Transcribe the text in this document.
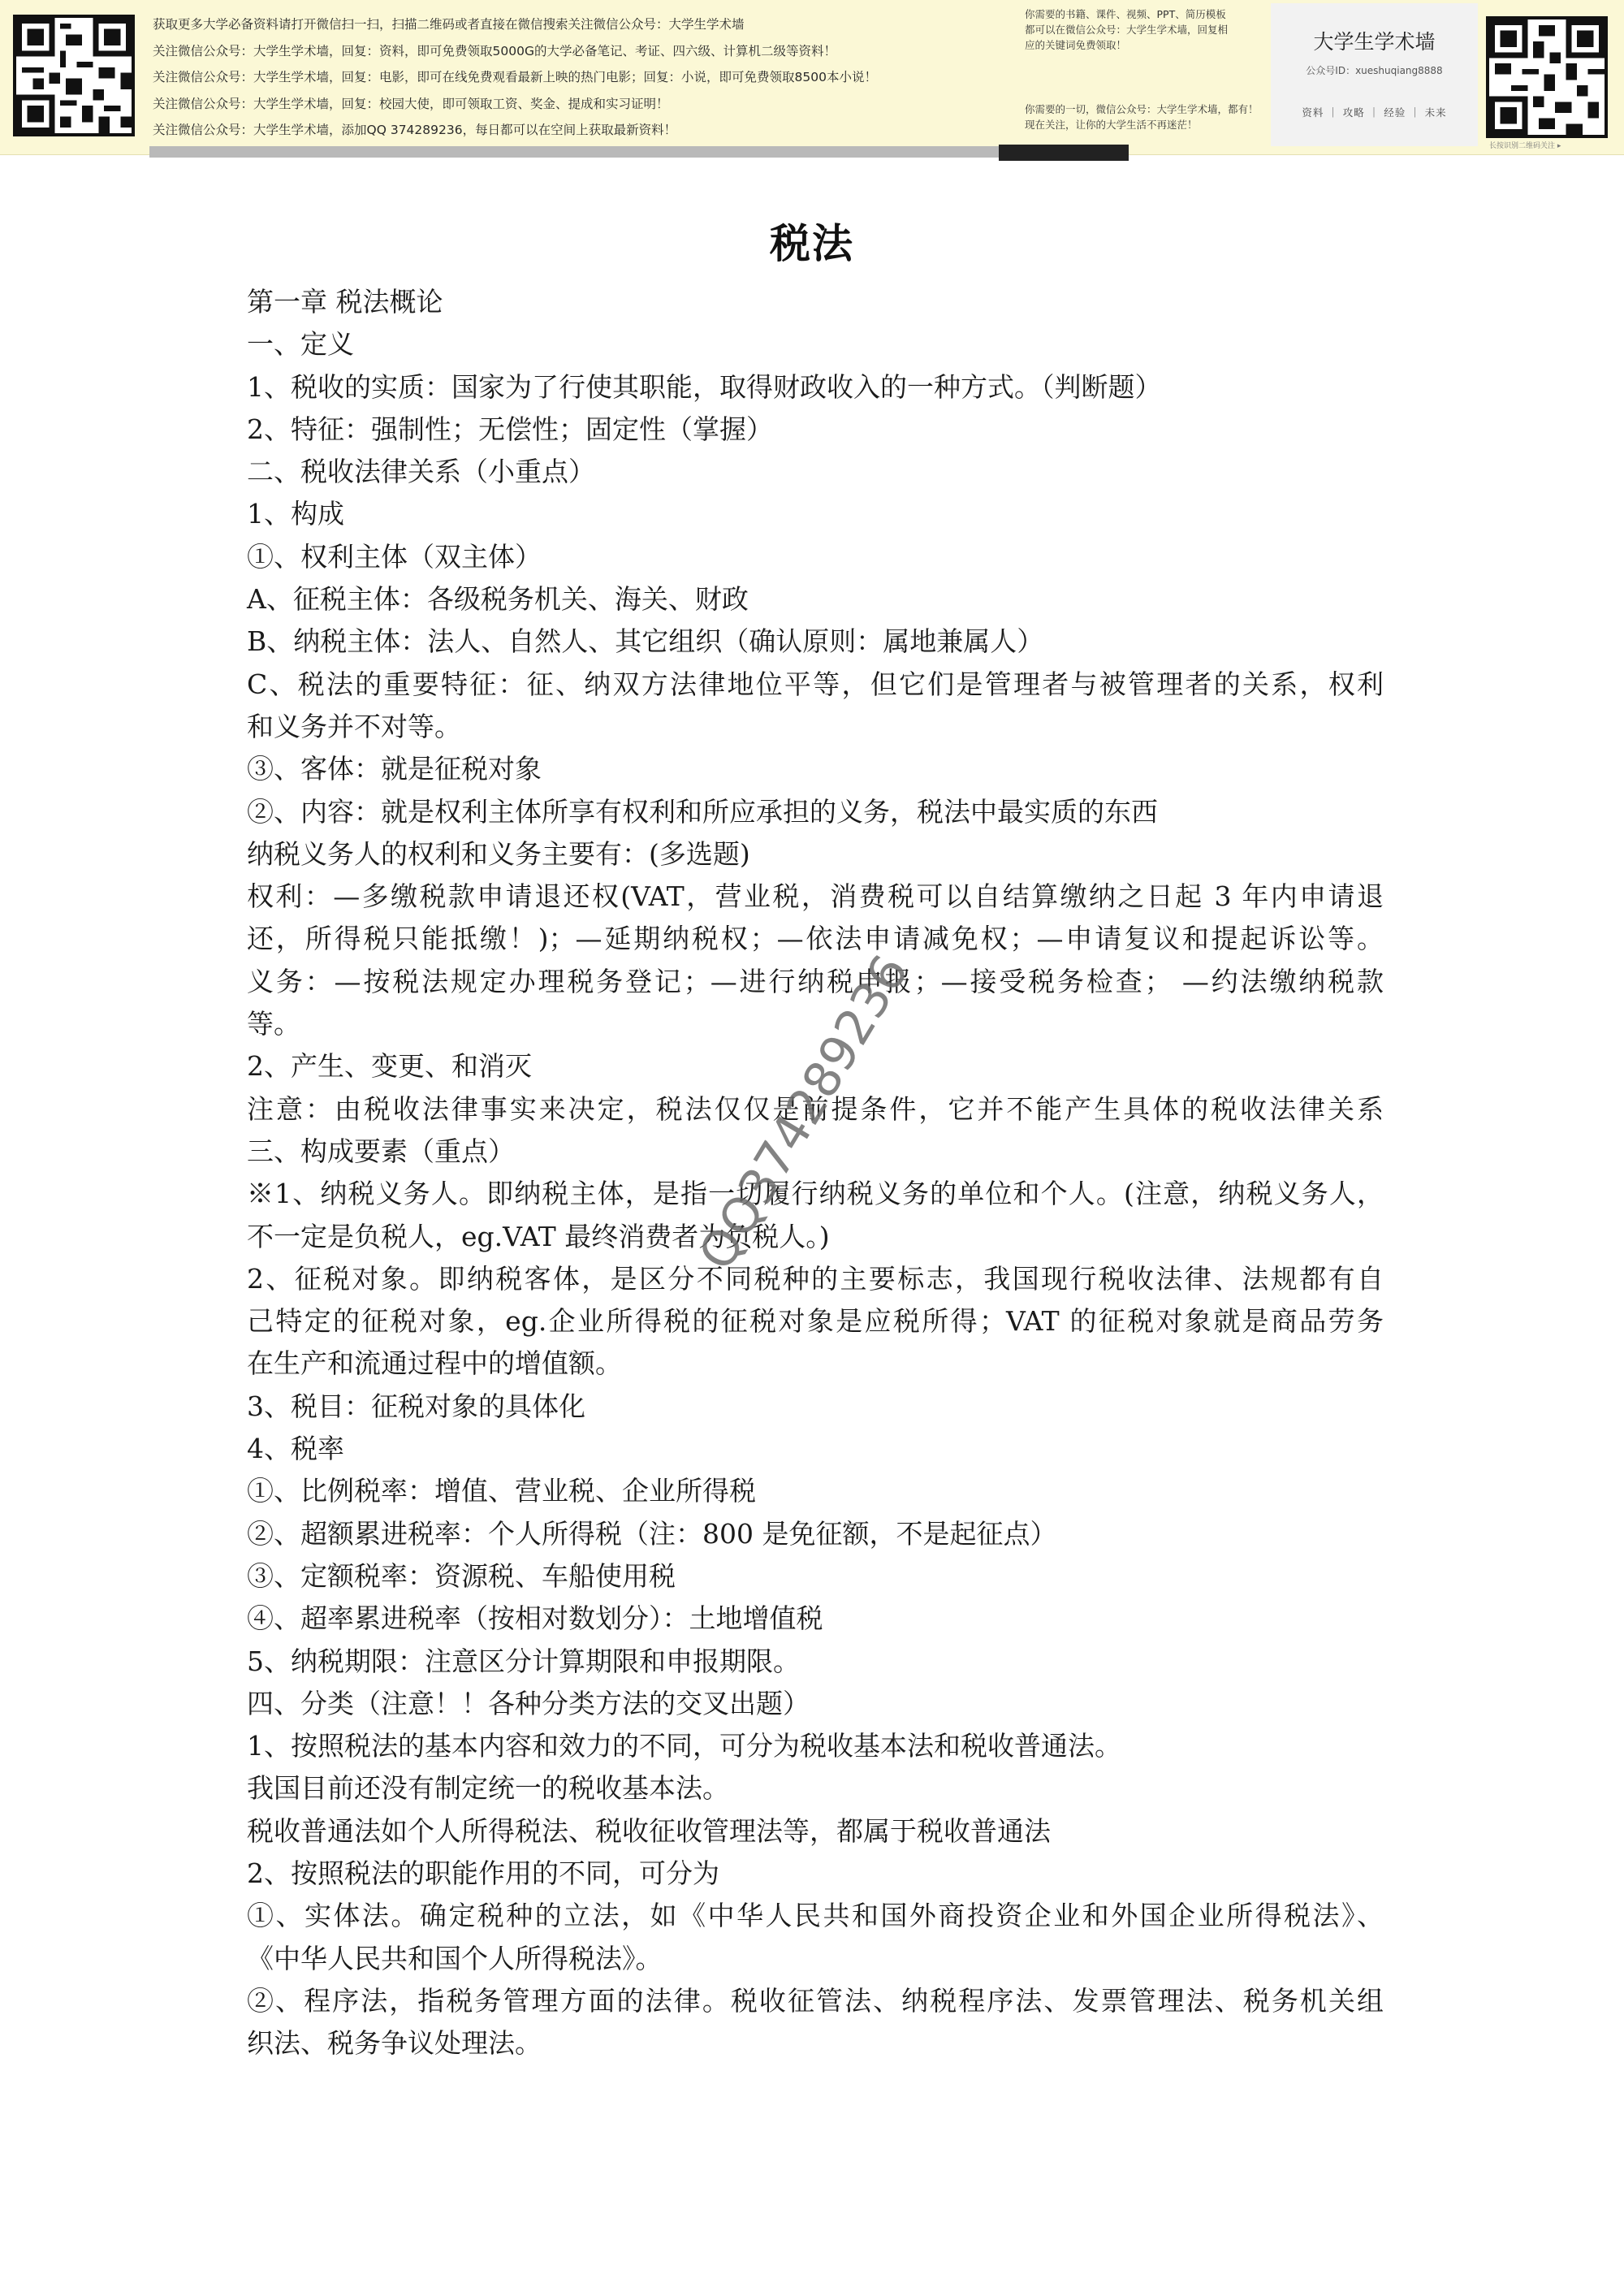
获取更多大学必备资料请打开微信扫一扫，扫描二维码或者直接在微信搜索关注微信公众号：大学生学术墙
关注微信公众号：大学生学术墙，回复：资料，即可免费领取5000G的大学必备笔记、考证、四六级、计算机二级等资料！
关注微信公众号：大学生学术墙，回复：电影，即可在线免费观看最新上映的热门电影；回复：小说，即可免费领取8500本小说！
关注微信公众号：大学生学术墙，回复：校园大使，即可领取工资、奖金、提成和实习证明！
关注微信公众号：大学生学术墙，添加QQ 374289236，每日都可以在空间上获取最新资料！
你需要的书籍、课件、视频、PPT、简历模板
都可以在微信公众号：大学生学术墙，回复相
应的关键词免费领取！
你需要的一切，微信公众号：大学生学术墙，都有！
现在关注，让你的大学生活不再迷茫！
大学生学术墙
公众号ID：xueshuqiang8888
资料 ｜ 攻略 ｜ 经验 ｜ 未来
长按识别二维码关注 ▸
税法
第一章 税法概论
一、定义
1、税收的实质：国家为了行使其职能，取得财政收入的一种方式。（判断题）
2、特征：强制性；无偿性；固定性（掌握）
二、税收法律关系（小重点）
1、构成
①、权利主体（双主体）
A、征税主体：各级税务机关、海关、财政
B、纳税主体：法人、自然人、其它组织（确认原则：属地兼属人）
C、税法的重要特征：征、纳双方法律地位平等，但它们是管理者与被管理者的关系，权利
和义务并不对等。
③、客体：就是征税对象
②、内容：就是权利主体所享有权利和所应承担的义务，税法中最实质的东西
纳税义务人的权利和义务主要有：(多选题)
权利：—多缴税款申请退还权(VAT，营业税，消费税可以自结算缴纳之日起 3 年内申请退
还，所得税只能抵缴！)；—延期纳税权；—依法申请减免权；—申请复议和提起诉讼等。
义务：—按税法规定办理税务登记；—进行纳税申报；—接受税务检查； —约法缴纳税款
等。
2、产生、变更、和消灭
注意：由税收法律事实来决定，税法仅仅是前提条件，它并不能产生具体的税收法律关系
三、构成要素（重点）
※1、纳税义务人。即纳税主体，是指一切履行纳税义务的单位和个人。(注意，纳税义务人，
不一定是负税人，eg.VAT 最终消费者为负税人。)
2、征税对象。即纳税客体，是区分不同税种的主要标志，我国现行税收法律、法规都有自
己特定的征税对象，eg.企业所得税的征税对象是应税所得；VAT 的征税对象就是商品劳务
在生产和流通过程中的增值额。
3、税目：征税对象的具体化
4、税率
①、比例税率：增值、营业税、企业所得税
②、超额累进税率：个人所得税（注：800 是免征额，不是起征点）
③、定额税率：资源税、车船使用税
④、超率累进税率（按相对数划分）：土地增值税
5、纳税期限：注意区分计算期限和申报期限。
四、分类（注意！！各种分类方法的交叉出题）
1、按照税法的基本内容和效力的不同，可分为税收基本法和税收普通法。
我国目前还没有制定统一的税收基本法。
税收普通法如个人所得税法、税收征收管理法等，都属于税收普通法
2、按照税法的职能作用的不同，可分为
①、实体法。确定税种的立法，如《中华人民共和国外商投资企业和外国企业所得税法》、
《中华人民共和国个人所得税法》。
②、程序法，指税务管理方面的法律。税收征管法、纳税程序法、发票管理法、税务机关组
织法、税务争议处理法。
QQ374289236
